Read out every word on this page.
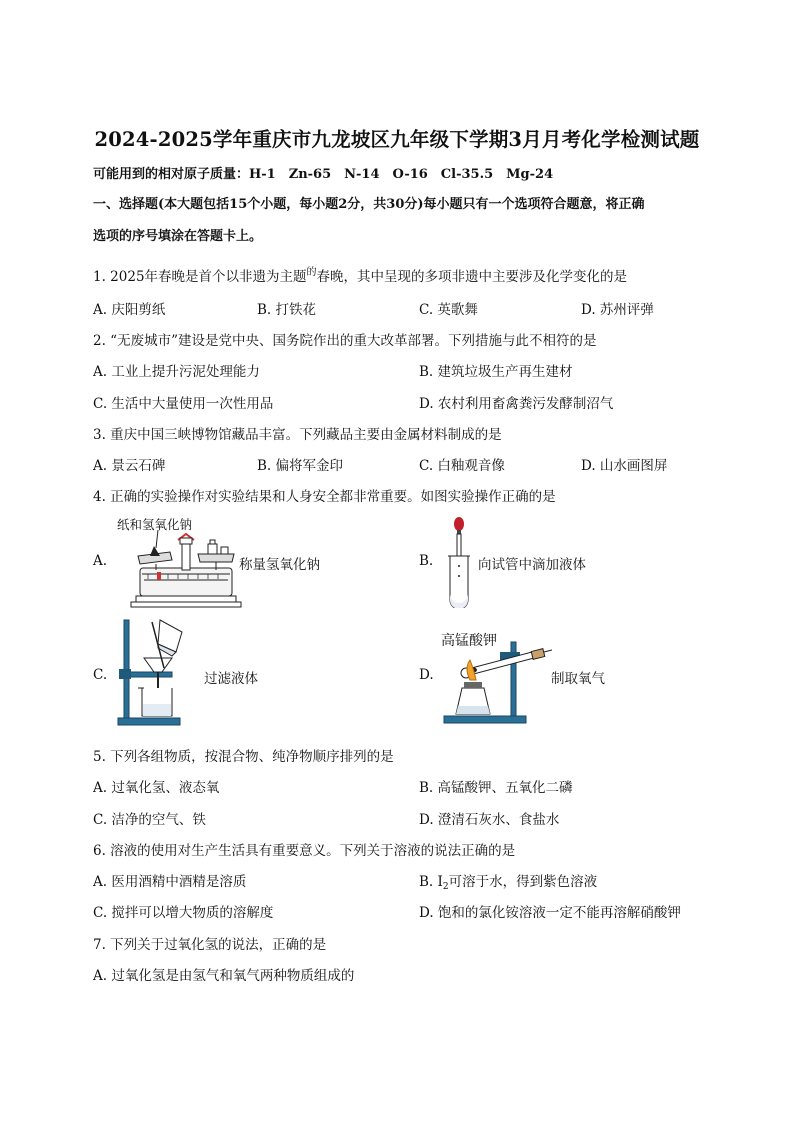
2024-2025学年重庆市九龙坡区九年级下学期3月月考化学检测试题
可能用到的相对原子质量：H-1　Zn-65　N-14　O-16　Cl-35.5　Mg-24
一、选择题(本大题包括15个小题，每小题2分，共30分)每小题只有一个选项符合题意，将正确
选项的序号填涂在答题卡上。
1. 2025年春晚是首个以非遗为主题$^的$春晚，其中呈现的多项非遗中主要涉及化学变化的是
A. 庆阳剪纸	B. 打铁花	C. 英歌舞	D. 苏州评弹
2. “无废城市”建设是党中央、国务院作出的重大改革部署。下列措施与此不相符的是
A. 工业上提升污泥处理能力	B. 建筑垃圾生产再生建材
C. 生活中大量使用一次性用品	D. 农村利用畜禽粪污发酵制沼气
3. 重庆中国三峡博物馆藏品丰富。下列藏品主要由金属材料制成的是
A. 景云石碑	B. 偏将军金印	C. 白釉观音像	D. 山水画图屏
4. 正确的实验操作对实验结果和人身安全都非常重要。如图实验操作正确的是
纸和氢氧化钠
A.	称量氢氧化钠	B.	向试管中滴加液体
C.	过滤液体	D.
高锰酸钾
制取氧气
5. 下列各组物质，按混合物、纯净物顺序排列的是
A. 过氧化氢、液态氧	B. 高锰酸钾、五氧化二磷
C. 洁净的空气、铁	D. 澄清石灰水、食盐水
6. 溶液的使用对生产生活具有重要意义。下列关于溶液的说法正确的是
A. 医用酒精中酒精是溶质	B. $I_2$可溶于水，得到紫色溶液
C. 搅拌可以增大物质的溶解度	D. 饱和的氯化铵溶液一定不能再溶解硝酸钾
7. 下列关于过氧化氢的说法，正确的是
A. 过氧化氢是由氢气和氧气两种物质组成的
